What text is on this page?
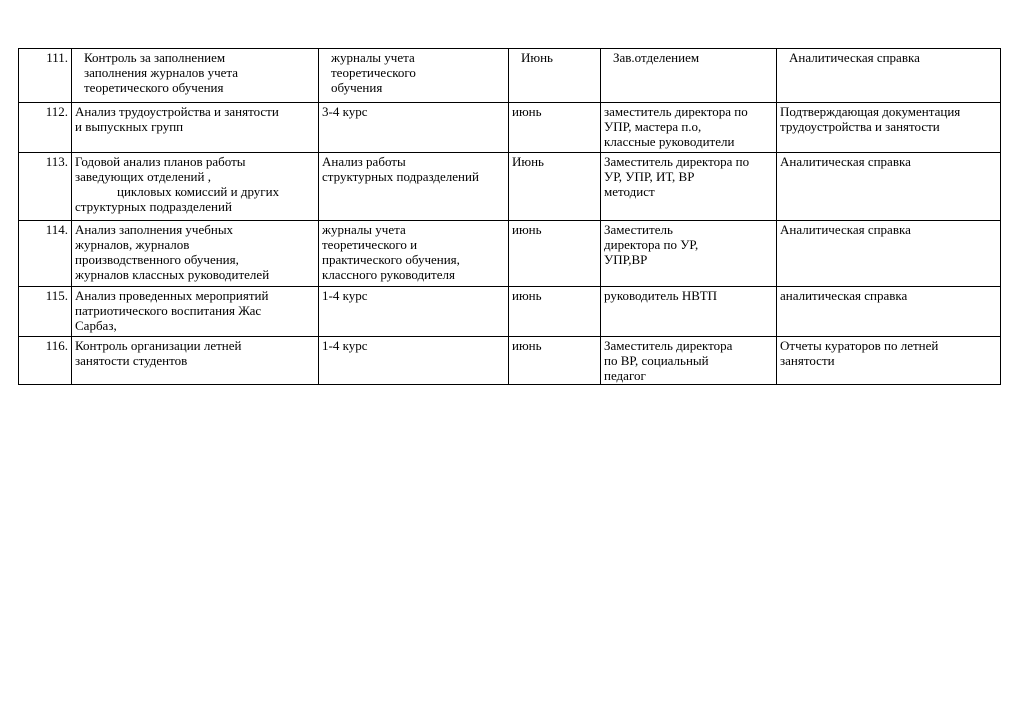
111.	Контроль за заполнением
заполнения журналов учета
теоретического обучения	журналы учета
теоретического
обучения	Июнь	Зав.отделением	Аналитическая справка

112.	Анализ трудоустройства и занятости
и выпускных групп	3-4 курс	июнь	заместитель директора по
УПР, мастера п.о,
классные руководители	Подтверждающая документация
трудоустройства и занятости

113.	Годовой анализ планов работы
заведующих отделений ,
цикловых комиссий и других
структурных подразделений	Анализ работы
структурных подразделений	Июнь	Заместитель директора по
УР, УПР, ИТ, ВР
методист	Аналитическая справка

114.	Анализ заполнения учебных
журналов, журналов
производственного обучения,
журналов классных руководителей	журналы учета
теоретического и
практического обучения,
классного руководителя	июнь	Заместитель
директора по УР,
УПР,ВР	Аналитическая справка

115.	Анализ проведенных мероприятий
патриотического воспитания Жас
Сарбаз,	1-4 курс	июнь	руководитель НВТП	аналитическая справка

116.	Контроль организации летней
занятости студентов	1-4 курс	июнь	Заместитель директора
по ВР, социальный
педагог	Отчеты кураторов по летней
занятости
